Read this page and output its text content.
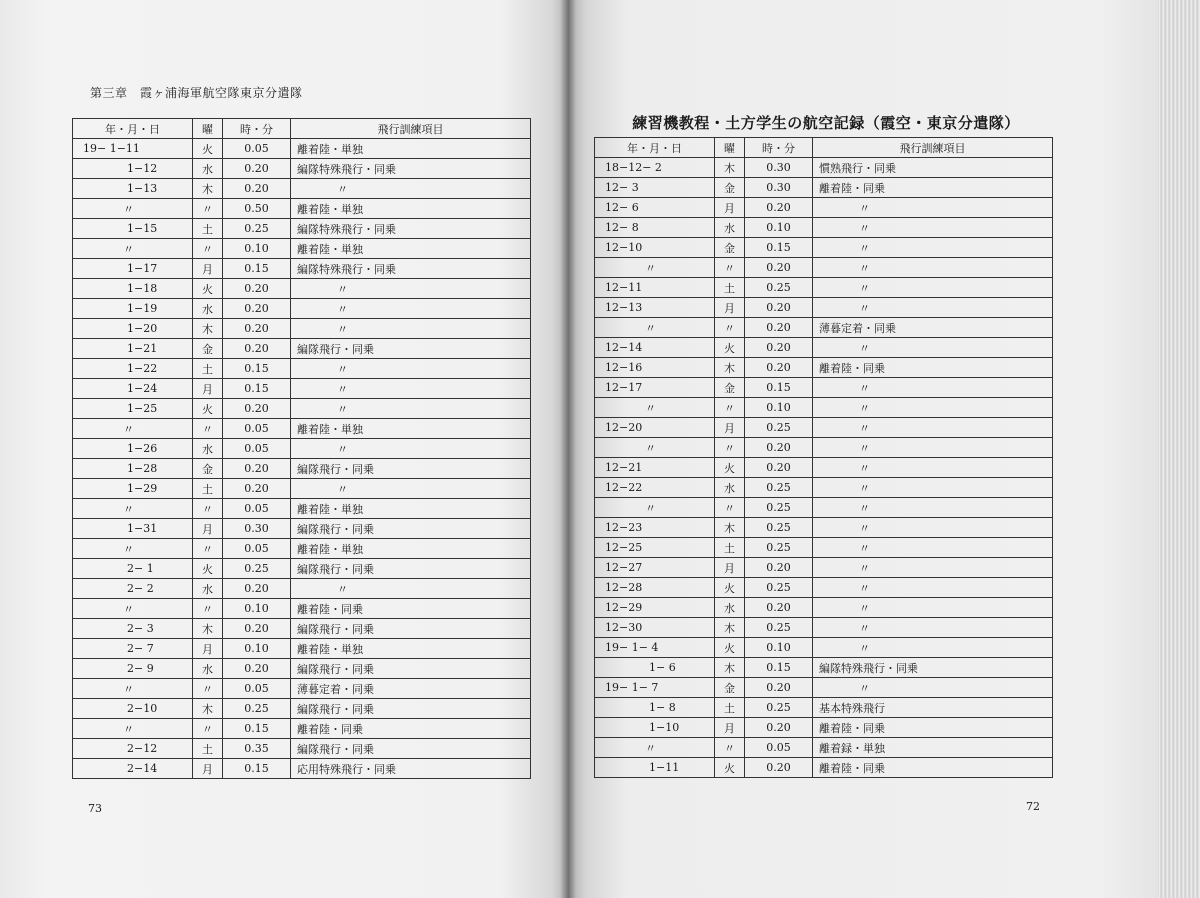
第三章　霞ヶ浦海軍航空隊東京分遣隊
練習機教程・土方学生の航空記録（霞空・東京分遣隊）
年・月・日	曜	時・分	飛行訓練項目
19− 1−11	火	0.05	離着陸・単独
1−12	水	0.20	編隊特殊飛行・同乗
1−13	木	0.20	〃
〃	〃	0.50	離着陸・単独
1−15	土	0.25	編隊特殊飛行・同乗
〃	〃	0.10	離着陸・単独
1−17	月	0.15	編隊特殊飛行・同乗
1−18	火	0.20	〃
1−19	水	0.20	〃
1−20	木	0.20	〃
1−21	金	0.20	編隊飛行・同乗
1−22	土	0.15	〃
1−24	月	0.15	〃
1−25	火	0.20	〃
〃	〃	0.05	離着陸・単独
1−26	水	0.05	〃
1−28	金	0.20	編隊飛行・同乗
1−29	土	0.20	〃
〃	〃	0.05	離着陸・単独
1−31	月	0.30	編隊飛行・同乗
〃	〃	0.05	離着陸・単独
2− 1	火	0.25	編隊飛行・同乗
2− 2	水	0.20	〃
〃	〃	0.10	離着陸・同乗
2− 3	木	0.20	編隊飛行・同乗
2− 7	月	0.10	離着陸・単独
2− 9	水	0.20	編隊飛行・同乗
〃	〃	0.05	薄暮定着・同乗
2−10	木	0.25	編隊飛行・同乗
〃	〃	0.15	離着陸・同乗
2−12	土	0.35	編隊飛行・同乗
2−14	月	0.15	応用特殊飛行・同乗
年・月・日	曜	時・分	飛行訓練項目
18−12− 2	木	0.30	慣熟飛行・同乗
12− 3	金	0.30	離着陸・同乗
12− 6	月	0.20	〃
12− 8	水	0.10	〃
12−10	金	0.15	〃
〃	〃	0.20	〃
12−11	土	0.25	〃
12−13	月	0.20	〃
〃	〃	0.20	薄暮定着・同乗
12−14	火	0.20	〃
12−16	木	0.20	離着陸・同乗
12−17	金	0.15	〃
〃	〃	0.10	〃
12−20	月	0.25	〃
〃	〃	0.20	〃
12−21	火	0.20	〃
12−22	水	0.25	〃
〃	〃	0.25	〃
12−23	木	0.25	〃
12−25	土	0.25	〃
12−27	月	0.20	〃
12−28	火	0.25	〃
12−29	水	0.20	〃
12−30	木	0.25	〃
19− 1− 4	火	0.10	〃
1− 6	木	0.15	編隊特殊飛行・同乗
19− 1− 7	金	0.20	〃
1− 8	土	0.25	基本特殊飛行
1−10	月	0.20	離着陸・同乗
〃	〃	0.05	離着録・単独
1−11	火	0.20	離着陸・同乗
73	72
